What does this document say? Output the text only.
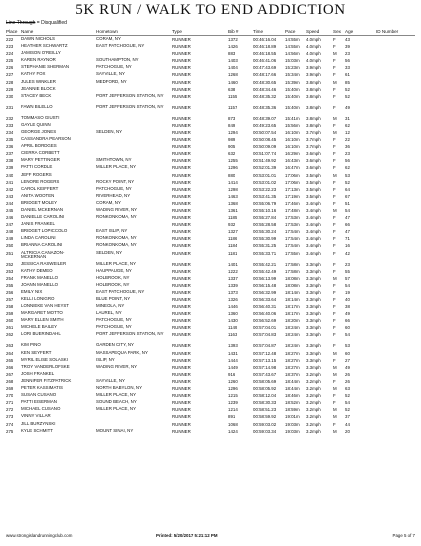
5K RUN / WALK TO END ADDICTION
Line Through = Disqualified
Place Name	Hometown	Type	Bib #	Time	Pace Speed	Sex Age	ID Number
222 DAWN NICHOLS	CORAM, NY	RUNNER	1372	00:46:16.04 14:55m 4.0mph	F 43
223 HEATHER SCHWARTZ	EAST PATCHOGUE, NY	RUNNER	1426	00:46:18.89 14:55m 4.0mph	F 39
224 JAMISON O'REILLY	RUNNER	883	00:46:18.55 14:56m 4.0mph	M 23
225 KAREN RAYNOR	SOUTHAMPTON, NY	RUNNER	1403	00:46:41.06 15:03m 4.0mph	F 56
226 STEPHANIE SHERMAN	PATCHOGUE, NY	RUNNER	1404	00:47:43.69 15:23m 3.9mph	F 33
227 KATHY FOX	SAYVILLE, NY	RUNNER	1268	00:48:17.66 15:34m 3.9mph	F 61
228 JULES WINKLER	MEDFORD, NY	RUNNER	1460	00:48:30.65 15:39m 3.8mph	M 85
229 JEANNIE BLOCK	RUNNER	638	00:48:34.46 15:40m 3.8mph	F 52
230 STACEY BECK	PORT JEFFERSON STATION, NY	RUNNER	1155	00:48:35.32 15:40m 3.8mph	F 52
231 FAWN BILELLO	PORT JEFFERSON STATION, NY	RUNNER	1157	00:48:35.36 15:40m 3.8mph	F 49
232 TOMMASO GIUSTI	RUNNER	873	00:48:39.07 15:41m 3.8mph	M 31
233 GAYLE QUINN	RUNNER	849	00:49:23.65 15:56m 3.8mph	F 62
234 GEORGE JONES	SELDEN, NY	RUNNER	1294	00:50:07.54 16:10m 3.7mph	M 12
235 CASSANDRA PEARSON	RUNNER	989	00:50:08.45 16:10m 3.7mph	F 22
236 APRIL BORDGES	RUNNER	905	00:50:09.09 16:10m 3.7mph	F 36
237 CIERRA CORBETT	RUNNER	632	00:51:07.74 16:29m 3.6mph	F 23
238 MARY PETTINGER	SMITHTOWN, NY	RUNNER	1255	00:51:49.92 16:43m 3.6mph	F 56
239 PATTI CORDLE	MILLER PLACE, NY	RUNNER	1296	00:52:01.39 16:47m 3.6mph	F 62
240 JEFF ROGERS	RUNNER	880	00:53:01.01 17:06m 3.5mph	M 53
241 LENORE ROGERS	ROCKY POINT, NY	RUNNER	1414	00:53:01.02 17:06m 3.5mph	F 52
242 CAROL KEIFFERT	PATCHOGUE, NY	RUNNER	1298	00:53:22.23 17:13m 3.5mph	F 64
243 ANITA WOOTEN	RIVERHEAD, NY	RUNNER	1463	00:53:41.35 17:19m 3.5mph	F 67
244 BRIDGET MOLEY	CORAM, NY	RUNNER	1368	00:55:06.79 17:46m 3.4mph	F 51
245 DANIEL MCKERNAN	WADING RIVER, NY	RUNNER	1361	00:55:10.16 17:48m 3.4mph	M 54
246 DANIELLE CAROLINI	RONKONKOMA, NY	RUNNER	1185	00:55:27.84 17:53m 3.4mph	F 47
247 JANIS FRANKEL	RUNNER	932	00:55:28.58 17:53m 3.4mph	F 66
248 BRIDGET LOPICCOLO	EAST ISLIP, NY	RUNNER	1327	00:55:30.24 17:54m 3.4mph	F 47
249 LINDA CAROLINI	RONKONKOMA, NY	RUNNER	1186	00:55:30.99 17:54m 3.4mph	F 71
250 BRIANNA CAROLINI	RONKONKOMA, NY	RUNNER	1184	00:55:31.25 17:54m 3.4mph	F 16
251 ALTRICIA CANAZON-MCKERNAN
SELDEN, NY	RUNNER	1181	00:55:33.71 17:55m 3.4mph	F 42
252 JESSICA RASWEILER	MILLER PLACE, NY	RUNNER	1401	00:55:42.21 17:58m 3.3mph	F 23
253 KATHY DEMEO	HAUPPAUGE, NY	RUNNER	1222	00:55:42.49 17:58m 3.3mph	F 55
254 FRANK MANELLO	HOLBROOK, NY	RUNNER	1337	00:56:13.99 18:08m 3.3mph	M 57
255 JOANN MANELLO	HOLBROOK, NY	RUNNER	1339	00:56:15.48 18:08m 3.3mph	F 54
256 EMILY NIX	EAST PATCHOGUE, NY	RUNNER	1373	00:56:32.99 18:14m 3.3mph	F 19
257 KELLI LONIGRO	BLUE POINT, NY	RUNNER	1326	00:56:33.64 18:14m 3.3mph	F 40
258 LONNIEKE VAN HEYST	MINEOLA, NY	RUNNER	1446	00:56:40.31 18:17m 3.3mph	F 38
259 MARGARET MOTTO	LAUREL, NY	RUNNER	1360	00:56:40.06 18:17m 3.3mph	F 49
260 MARY ELLEN SMITH	PATCHOGUE, NY	RUNNER	1430	00:56:52.69 18:20m 3.3mph	F 66
261 MICHELE BAILEY	PATCHOGUE, NY	RUNNER	1149	00:57:04.01 18:24m 3.3mph	F 60
262 LORI BUERINDAHL	PORT JEFFERSON STATION, NY	RUNNER	1163	00:57:04.83 18:24m 3.3mph	F 54
263 KIM PINO	GARDEN CITY, NY	RUNNER	1393	00:57:04.87 18:24m 3.3mph	F 53
264 KEN SEYFERT	MASSAPEQUA PARK, NY	RUNNER	1431	00:57:12.48 18:27m 3.3mph	M 60
265 MYRIL ELISE SOLASKI	ISLIP, NY	RUNNER	1444	00:57:13.15 18:27m 3.3mph	F 27
266 TROY VANDERLOFSKE	WADING RIVER, NY	RUNNER	1449	00:57:14.98 18:27m 3.3mph	M 49
267 JOSH FRANKEL	RUNNER	916	00:57:43.67 18:37m 3.2mph	M 26
268 JENNIFER FITZPATRICK	SAYVILLE, NY	RUNNER	1260	00:58:05.69 18:44m 3.2mph	F 26
269 PETER KASSIMATIS	NORTH BABYLON, NY	RUNNER	1296	00:58:05.92 18:44m 3.2mph	M 63
270 SUSAN CUSANO	MILLER PLACE, NY	RUNNER	1215	00:58:12.04 18:46m 3.2mph	F 52
271 PATTI EISERMAN	SOUND BEACH, NY	RUNNER	1239	00:58:30.33 18:52m 3.2mph	F 54
272 MICHAEL CUSANO	MILLER PLACE, NY	RUNNER	1214	00:58:51.23 18:59m 3.2mph	M 52
273 VINNY VILLAR	RUNNER	891	00:58:59.92 19:01m 3.2mph	M 37
274 JILL BURZYNSKI	RUNNER	1068	00:59:03.02 19:03m 3.2mph	F 44
275 KYLE SCHMITT	MOUNT SINAI, NY	RUNNER	1424	00:59:03.34 19:03m 3.2mph	M 20
www.strongislandrunningclub.com	Printed: 5/20/2017 5:21:12 PM	Page 5 of 7
